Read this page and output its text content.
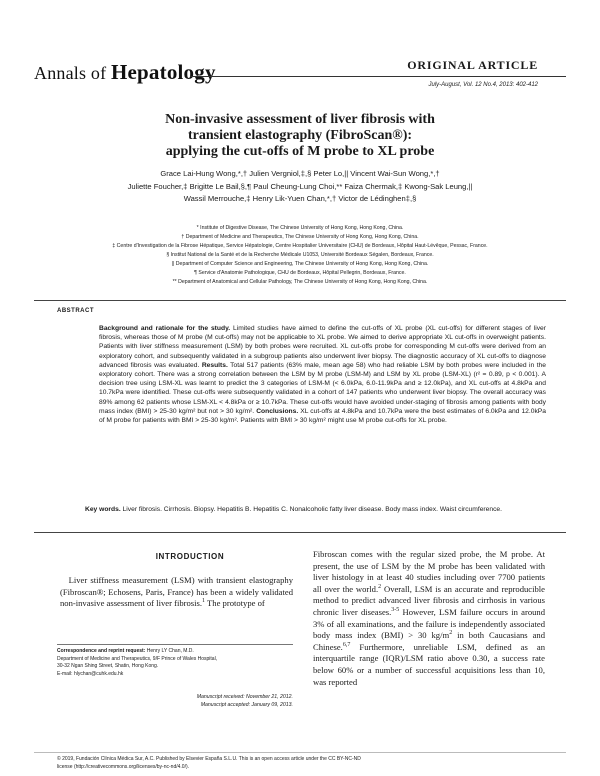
Annals of Hepatology	ORIGINAL ARTICLE
July-August, Vol. 12 No.4, 2013: 402-412
Non-invasive assessment of liver fibrosis with
transient elastography (FibroScan®):
applying the cut-offs of M probe to XL probe
Grace Lai-Hung Wong,*,† Julien Vergniol,‡,§ Peter Lo,|| Vincent Wai-Sun Wong,*,†
Juliette Foucher,‡ Brigitte Le Bail,§,¶ Paul Cheung-Lung Choi,** Faiza Chermak,‡ Kwong-Sak Leung,||
Wassil Merrouche,‡ Henry Lik-Yuen Chan,*,† Victor de Lédinghen‡,§
* Institute of Digestive Disease, The Chinese University of Hong Kong, Hong Kong, China.
† Department of Medicine and Therapeutics, The Chinese University of Hong Kong, Hong Kong, China.
‡ Centre d'Investigation de la Fibrose Hépatique, Service Hépatologie, Centre Hospitalier Universitaire (CHU) de Bordeaux, Hôpital Haut-Lévêque, Pessac, France.
§ Institut National de la Santé et de la Recherche Médicale U1053, Université Bordeaux Ségalen, Bordeaux, France.
|| Department of Computer Science and Engineering, The Chinese University of Hong Kong, Hong Kong, China.
¶ Service d'Anatomie Pathologique, CHU de Bordeaux, Hôpital Pellegrin, Bordeaux, France.
** Department of Anatomical and Cellular Pathology, The Chinese University of Hong Kong, Hong Kong, China.
ABSTRACT
Background and rationale for the study. Limited studies have aimed to define the cut-offs of XL probe (XL cut-offs) for different stages of liver fibrosis, whereas those of M probe (M cut-offs) may not be applicable to XL probe. We aimed to derive appropriate XL cut-offs in overweight patients. Patients with liver stiffness measurement (LSM) by both probes were recruited. XL cut-offs probe for corresponding M cut-offs were derived from an exploratory cohort, and subsequently validated in a subgroup patients also underwent liver biopsy. The diagnostic accuracy of XL cut-offs to diagnose advanced fibrosis was evaluated. Results. Total 517 patients (63% male, mean age 58) who had reliable LSM by both probes were included in the exploratory cohort. There was a strong correlation between the LSM by M probe (LSM-M) and LSM by XL probe (LSM-XL) (r² = 0.89, p < 0.001). A decision tree using LSM-XL was learnt to predict the 3 categories of LSM-M (< 6.0kPa, 6.0-11.9kPa and ≥ 12.0kPa), and XL cut-offs at 4.8kPa and 10.7kPa were identified. These cut-offs were subsequently validated in a cohort of 147 patients who underwent liver biopsy. The overall accuracy was 89% among 62 patients whose LSM-XL < 4.8kPa or ≥ 10.7kPa. These cut-offs would have avoided under-staging of fibrosis among patients with body mass index (BMI) > 25-30 kg/m² but not > 30 kg/m². Conclusions. XL cut-offs at 4.8kPa and 10.7kPa were the best estimates of 6.0kPa and 12.0kPa of M probe for patients with BMI > 25-30 kg/m². Patients with BMI > 30 kg/m² might use M probe cut-offs for XL probe.
Key words. Liver fibrosis. Cirrhosis. Biopsy. Hepatitis B. Hepatitis C. Nonalcoholic fatty liver disease. Body mass index. Waist circumference.
INTRODUCTION
 Liver stiffness measurement (LSM) with transient elastography (Fibroscan®; Echosens, Paris, France) has been a widely validated non-invasive assessment of liver fibrosis.$^1$ The prototype of
Correspondence and reprint request: Henry LY Chan, M.D.
Department of Medicine and Therapeutics, 9/F Prince of Wales Hospital,
30-32 Ngan Shing Street, Shatin, Hong Kong.
E-mail: hlychan@cuhk.edu.hk
Manuscript received: November 21, 2012.
Manuscript accepted: January 09, 2013.
Fibroscan comes with the regular sized probe, the M probe. At present, the use of LSM by the M probe has been validated with liver histology in at least 40 studies including over 7700 patients all over the world.$^2$ Overall, LSM is an accurate and reproducible method to predict advanced liver fibrosis and cirrhosis in various chronic liver diseases.$^{3-5}$ However, LSM failure occurs in around 3% of all examinations, and the failure is independently associated body mass index (BMI) > 30 $kg/m^2$ in both Caucasians and Chinese.$^{6,7}$ Furthermore, unreliable LSM, defined as an interquartile range (IQR)/LSM ratio above 0.30, a success rate below 60% or a number of successful acquisitions less than 10, was reported
© 2019, Fundación Clínica Médica Sur, A.C. Published by Elsevier España S.L.U. This is an open access article under the CC BY-NC-ND
license (http://creativecommons.org/licenses/by-nc-nd/4.0/).
